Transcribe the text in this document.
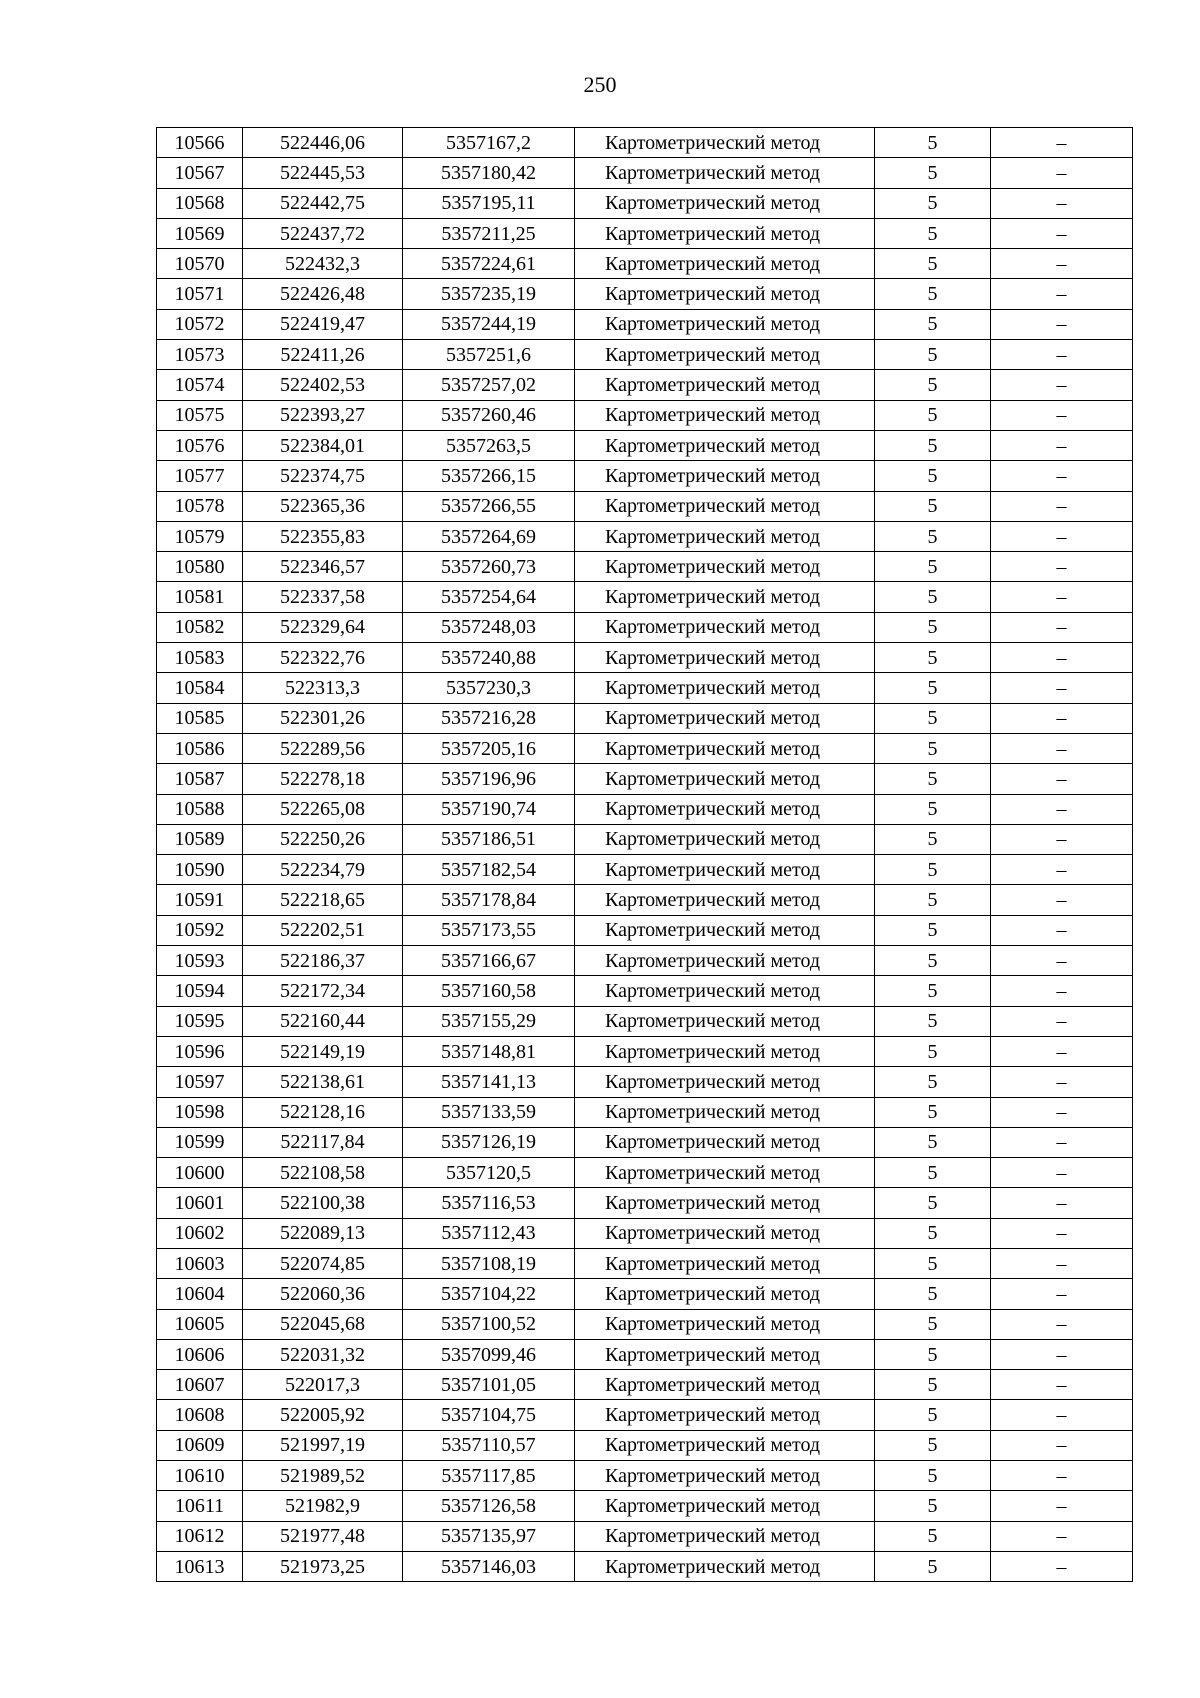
250
10566	522446,06	5357167,2	Картометрический метод	5	–
10567	522445,53	5357180,42	Картометрический метод	5	–
10568	522442,75	5357195,11	Картометрический метод	5	–
10569	522437,72	5357211,25	Картометрический метод	5	–
10570	522432,3	5357224,61	Картометрический метод	5	–
10571	522426,48	5357235,19	Картометрический метод	5	–
10572	522419,47	5357244,19	Картометрический метод	5	–
10573	522411,26	5357251,6	Картометрический метод	5	–
10574	522402,53	5357257,02	Картометрический метод	5	–
10575	522393,27	5357260,46	Картометрический метод	5	–
10576	522384,01	5357263,5	Картометрический метод	5	–
10577	522374,75	5357266,15	Картометрический метод	5	–
10578	522365,36	5357266,55	Картометрический метод	5	–
10579	522355,83	5357264,69	Картометрический метод	5	–
10580	522346,57	5357260,73	Картометрический метод	5	–
10581	522337,58	5357254,64	Картометрический метод	5	–
10582	522329,64	5357248,03	Картометрический метод	5	–
10583	522322,76	5357240,88	Картометрический метод	5	–
10584	522313,3	5357230,3	Картометрический метод	5	–
10585	522301,26	5357216,28	Картометрический метод	5	–
10586	522289,56	5357205,16	Картометрический метод	5	–
10587	522278,18	5357196,96	Картометрический метод	5	–
10588	522265,08	5357190,74	Картометрический метод	5	–
10589	522250,26	5357186,51	Картометрический метод	5	–
10590	522234,79	5357182,54	Картометрический метод	5	–
10591	522218,65	5357178,84	Картометрический метод	5	–
10592	522202,51	5357173,55	Картометрический метод	5	–
10593	522186,37	5357166,67	Картометрический метод	5	–
10594	522172,34	5357160,58	Картометрический метод	5	–
10595	522160,44	5357155,29	Картометрический метод	5	–
10596	522149,19	5357148,81	Картометрический метод	5	–
10597	522138,61	5357141,13	Картометрический метод	5	–
10598	522128,16	5357133,59	Картометрический метод	5	–
10599	522117,84	5357126,19	Картометрический метод	5	–
10600	522108,58	5357120,5	Картометрический метод	5	–
10601	522100,38	5357116,53	Картометрический метод	5	–
10602	522089,13	5357112,43	Картометрический метод	5	–
10603	522074,85	5357108,19	Картометрический метод	5	–
10604	522060,36	5357104,22	Картометрический метод	5	–
10605	522045,68	5357100,52	Картометрический метод	5	–
10606	522031,32	5357099,46	Картометрический метод	5	–
10607	522017,3	5357101,05	Картометрический метод	5	–
10608	522005,92	5357104,75	Картометрический метод	5	–
10609	521997,19	5357110,57	Картометрический метод	5	–
10610	521989,52	5357117,85	Картометрический метод	5	–
10611	521982,9	5357126,58	Картометрический метод	5	–
10612	521977,48	5357135,97	Картометрический метод	5	–
10613	521973,25	5357146,03	Картометрический метод	5	–
